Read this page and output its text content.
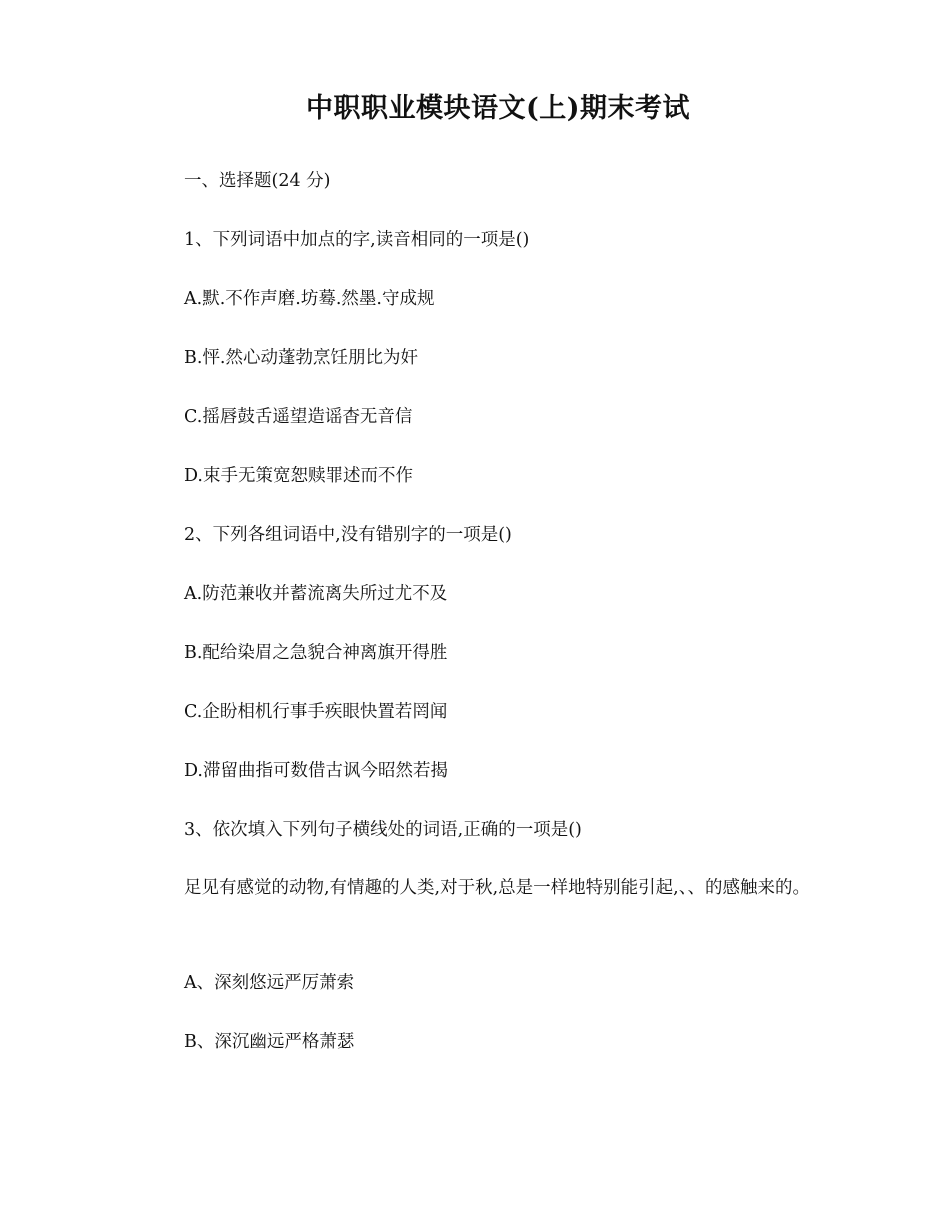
中职职业模块语文(上)期末考试

一、选择题(24 分)

1、下列词语中加点的字,读音相同的一项是()

A.默.不作声磨.坊蓦.然墨.守成规

B.怦.然心动蓬勃烹饪朋比为奸

C.摇唇鼓舌遥望造谣杳无音信

D.束手无策宽恕赎罪述而不作

2、下列各组词语中,没有错别字的一项是()

A.防范兼收并蓄流离失所过尤不及

B.配给染眉之急貌合神离旗开得胜

C.企盼相机行事手疾眼快置若罔闻

D.滞留曲指可数借古讽今昭然若揭

3、依次填入下列句子横线处的词语,正确的一项是()

足见有感觉的动物,有情趣的人类,对于秋,总是一样地特别能引起,、、的感触来的。

A、深刻悠远严厉萧索

B、深沉幽远严格萧瑟
